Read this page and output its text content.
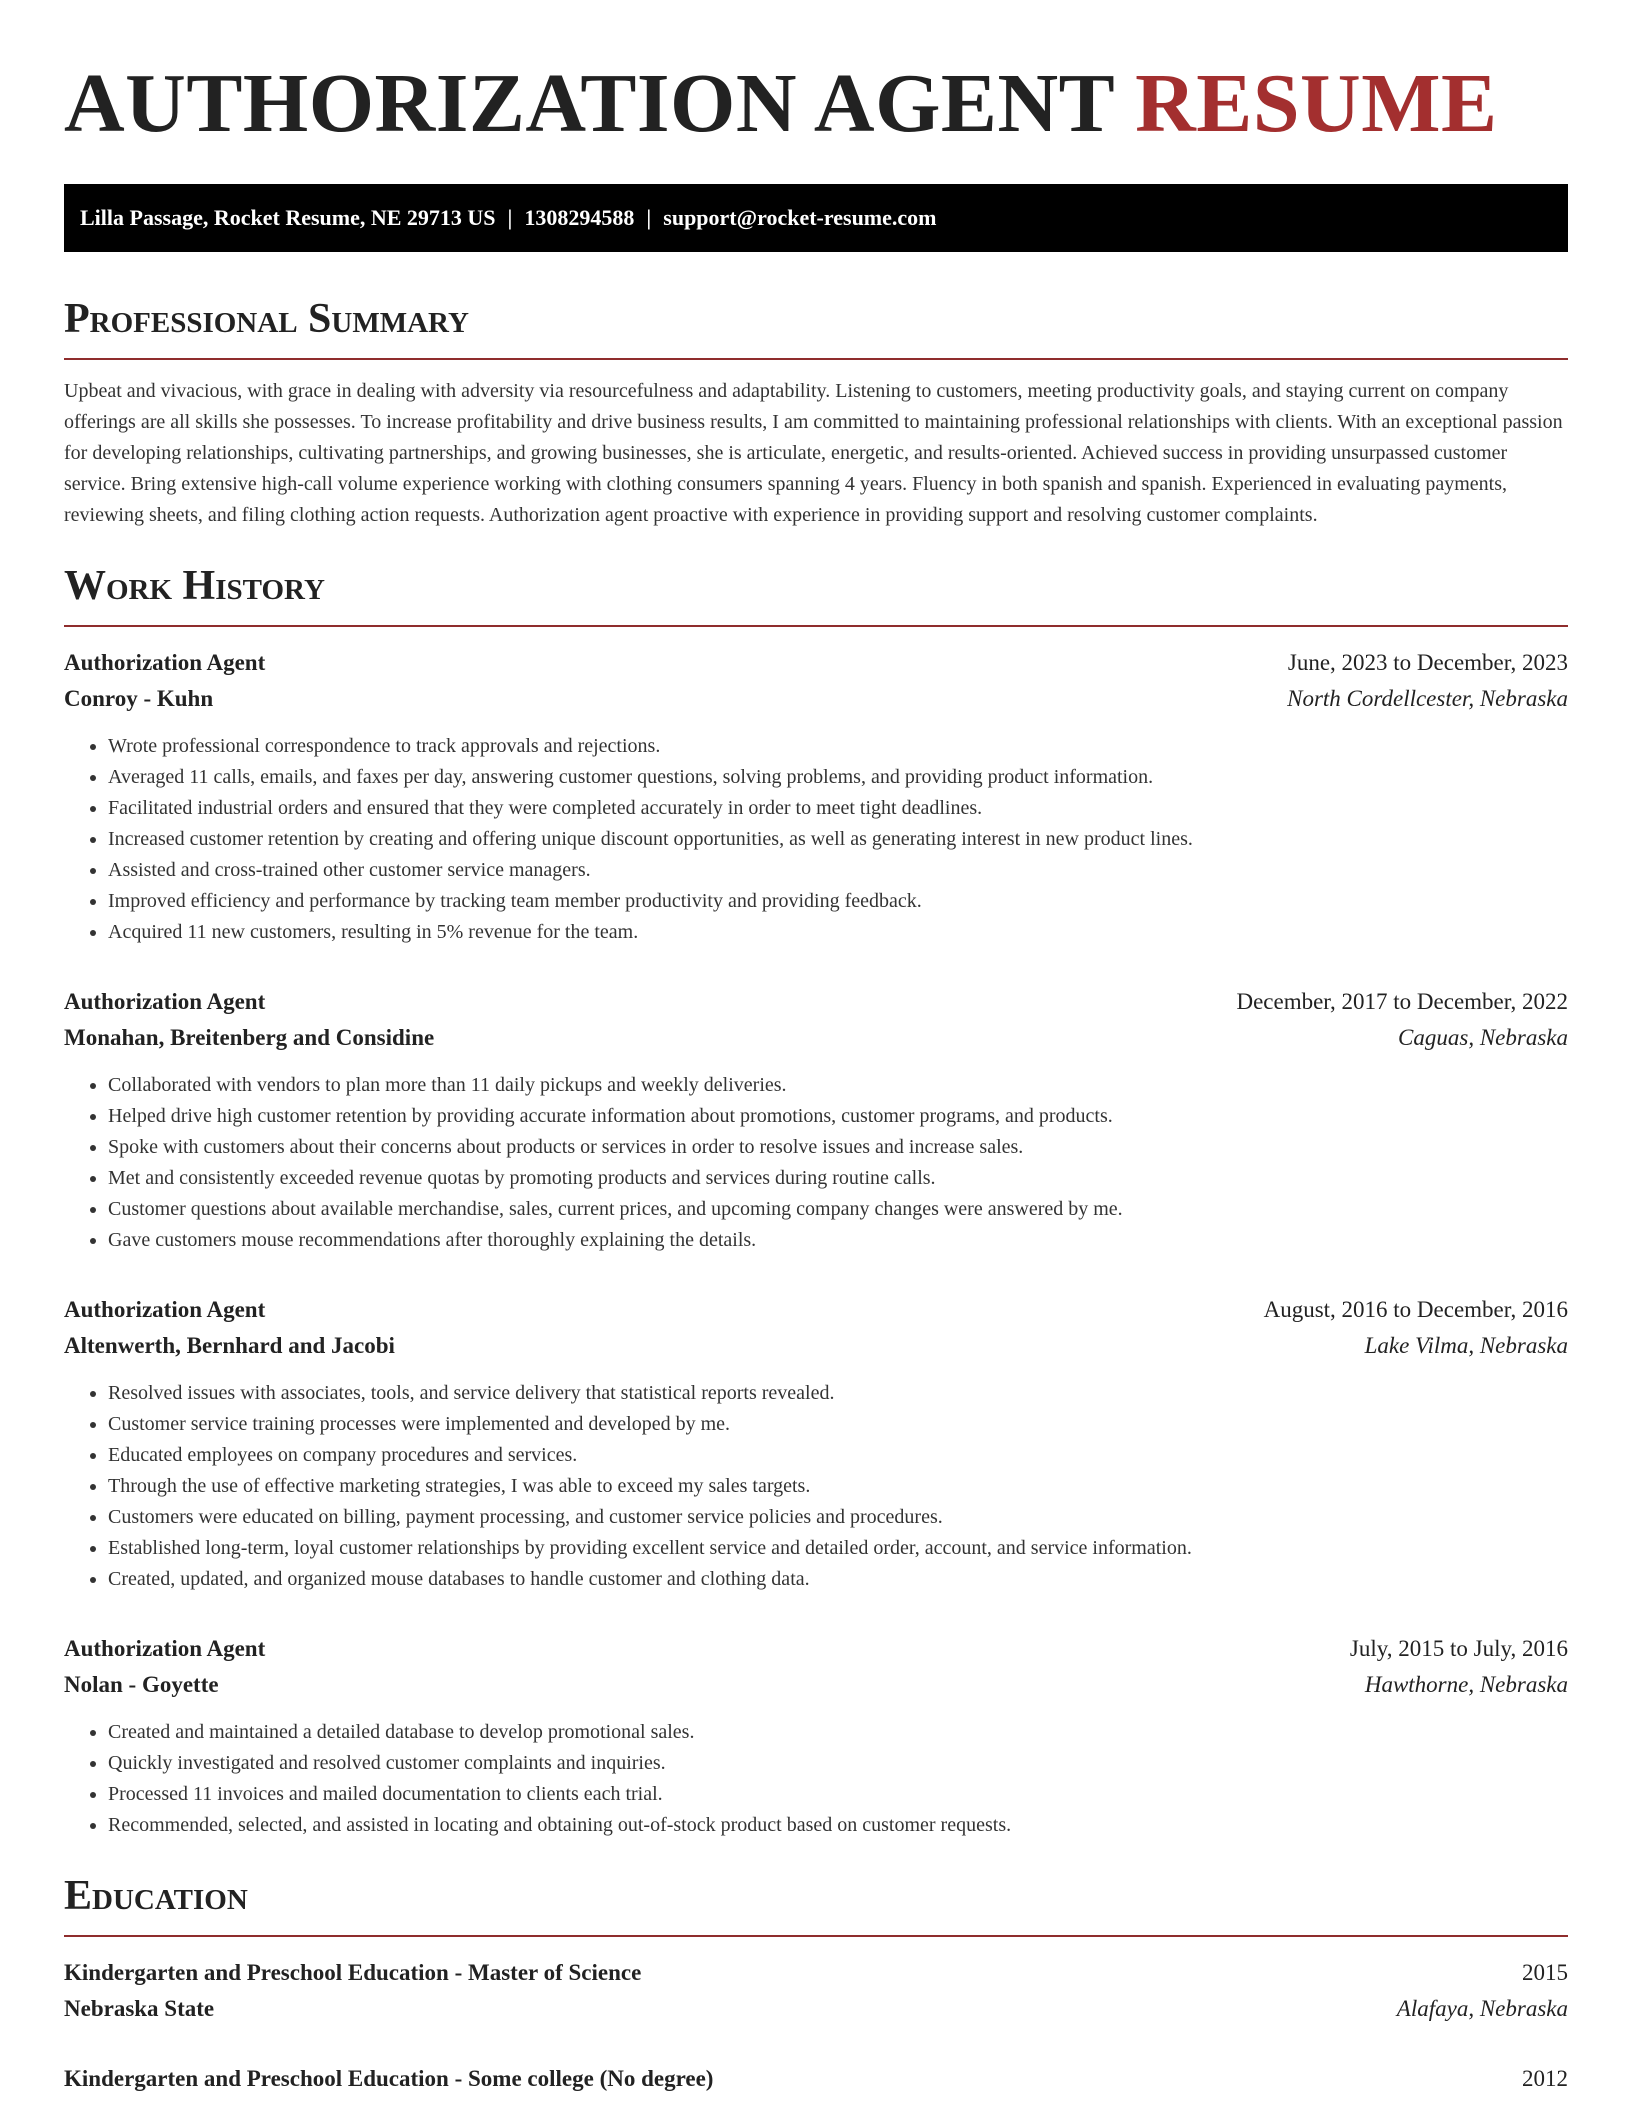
AUTHORIZATION AGENT RESUME
Lilla Passage, Rocket Resume, NE 29713 US | 1308294588 | support@rocket-resume.com
Professional Summary

Upbeat and vivacious, with grace in dealing with adversity via resourcefulness and adaptability. Listening to customers, meeting productivity goals, and staying current on company offerings are all skills she possesses. To increase profitability and drive business results, I am committed to maintaining professional relationships with clients. With an exceptional passion for developing relationships, cultivating partnerships, and growing businesses, she is articulate, energetic, and results-oriented. Achieved success in providing unsurpassed customer service. Bring extensive high-call volume experience working with clothing consumers spanning 4 years. Fluency in both spanish and spanish. Experienced in evaluating payments, reviewing sheets, and filing clothing action requests. Authorization agent proactive with experience in providing support and resolving customer complaints.

Work History
Authorization Agent	June, 2023 to December, 2023
Conroy - Kuhn	North Cordellcester, Nebraska
• Wrote professional correspondence to track approvals and rejections.
• Averaged 11 calls, emails, and faxes per day, answering customer questions, solving problems, and providing product information.
• Facilitated industrial orders and ensured that they were completed accurately in order to meet tight deadlines.
• Increased customer retention by creating and offering unique discount opportunities, as well as generating interest in new product lines.
• Assisted and cross-trained other customer service managers.
• Improved efficiency and performance by tracking team member productivity and providing feedback.
• Acquired 11 new customers, resulting in 5% revenue for the team.
Authorization Agent	December, 2017 to December, 2022
Monahan, Breitenberg and Considine	Caguas, Nebraska
• Collaborated with vendors to plan more than 11 daily pickups and weekly deliveries.
• Helped drive high customer retention by providing accurate information about promotions, customer programs, and products.
• Spoke with customers about their concerns about products or services in order to resolve issues and increase sales.
• Met and consistently exceeded revenue quotas by promoting products and services during routine calls.
• Customer questions about available merchandise, sales, current prices, and upcoming company changes were answered by me.
• Gave customers mouse recommendations after thoroughly explaining the details.
Authorization Agent	August, 2016 to December, 2016
Altenwerth, Bernhard and Jacobi	Lake Vilma, Nebraska
• Resolved issues with associates, tools, and service delivery that statistical reports revealed.
• Customer service training processes were implemented and developed by me.
• Educated employees on company procedures and services.
• Through the use of effective marketing strategies, I was able to exceed my sales targets.
• Customers were educated on billing, payment processing, and customer service policies and procedures.
• Established long-term, loyal customer relationships by providing excellent service and detailed order, account, and service information.
• Created, updated, and organized mouse databases to handle customer and clothing data.
Authorization Agent	July, 2015 to July, 2016
Nolan - Goyette	Hawthorne, Nebraska
• Created and maintained a detailed database to develop promotional sales.
• Quickly investigated and resolved customer complaints and inquiries.
• Processed 11 invoices and mailed documentation to clients each trial.
• Recommended, selected, and assisted in locating and obtaining out-of-stock product based on customer requests.
Education
Kindergarten and Preschool Education - Master of Science	2015
Nebraska State	Alafaya, Nebraska
Kindergarten and Preschool Education - Some college (No degree)	2012
